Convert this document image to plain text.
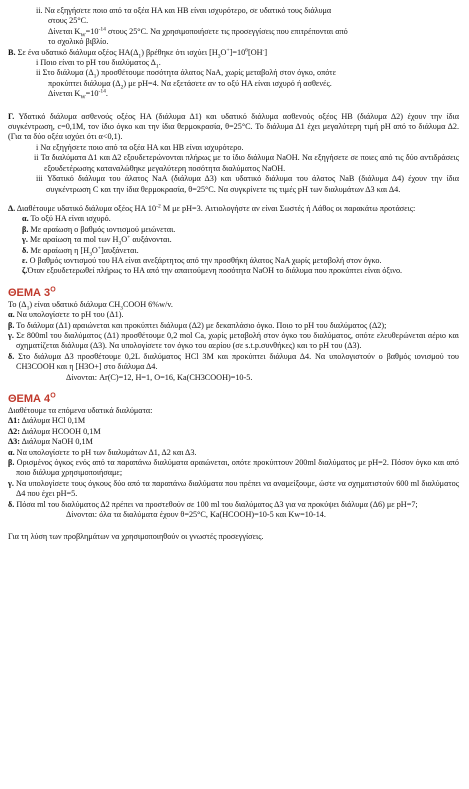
ii. Να εξηγήσετε ποιο από τα οξέα ΗΑ και ΗΒ είναι ισχυρότερο, σε υδατικό τους διάλυμα

στους 25°C.

Δίνεται $K_W=10^{-14}$ στους 25°C. Να χρησιμοποιήσετε τις προσεγγίσεις που επιτρέπονται από

το σχολικό βιβλίο.

Β. Σε ένα υδατικό διάλυμα οξέος $HA(\Delta_1)$ βρέθηκε ότι ισχύει $[H_3O^+]=10^6[OH^-]$

i Ποιο είναι το pH του διαλύματος $\Delta_1$.

ii Στο διάλυμα $(\Delta_1)$ προσθέτουμε ποσότητα άλατος NaA, χωρίς μεταβολή στον όγκο, οπότε

προκύπτει διάλυμα $(\Delta_2)$ με pH=4. Να εξετάσετε αν το οξύ ΗΑ είναι ισχυρό ή ασθενές.

Δίνεται $K_W=10^{-14}$.

Γ. Υδατικό διάλυμα ασθενούς οξέος ΗΑ (διάλυμα Δ1) και υδατικό διάλυμα ασθενούς οξέος ΗΒ (διάλυμα Δ2) έχουν την ίδια συγκέντρωση, c=0,1M, τον ίδιο όγκο και την ίδια θερμοκρασία, θ=25°C. Το διάλυμα Δ1 έχει μεγαλύτερη τιμή pH από το διάλυμα Δ2. (Για τα δύο οξέα ισχύει ότι α<0,1).

i Να εξηγήσετε ποιο από τα οξέα ΗΑ και ΗΒ είναι ισχυρότερο.

ii Τα διαλύματα Δ1 και Δ2 εξουδετερώνονται πλήρως με το ίδιο διάλυμα NaOH. Να εξηγήσετε σε ποιες από τις δύο αντιδράσεις εξουδετέρωσης καταναλώθηκε μεγαλύτερη ποσότητα διαλύματος NaOH.

iii Υδατικό διάλυμα του άλατος NaA (διάλυμα Δ3) και υδατικό διάλυμα του άλατος NaB (διάλυμα Δ4) έχουν την ίδια συγκέντρωση C και την ίδια θερμοκρασία, θ=25°C. Να συγκρίνετε τις τιμές pH των διαλυμάτων Δ3 και Δ4.

Δ. Διαθέτουμε υδατικό διάλυμα οξέος ΗΑ $10^{-2}$ M με pH=3. Αιτιολογήστε αν είναι Σωστές ή Λάθος οι παρακάτω προτάσεις:

α. Το οξύ ΗΑ είναι ισχυρό.

β. Με αραίωση ο βαθμός ιοντισμού μειώνεται.

γ. Με αραίωση τα mol των $H_3O^+$ αυξάνονται.

δ. Με αραίωση η $[H_3O^+]\alpha\upsilon\xi ά\nu\varepsilon\tau\alpha\iota$.

ε. Ο βαθμός ιοντισμού του ΗΑ είναι ανεξάρτητος από την προσθήκη άλατος NaA χωρίς μεταβολή στον όγκο.

ζ.Όταν εξουδετερωθεί πλήρως το ΗΑ από την απαιτούμενη ποσότητα NaOH το διάλυμα που προκύπτει είναι όξινο.

ΘΕΜΑ $3^O$

Το $(\Delta_1)$ είναι υδατικό διάλυμα $CH_3COOH$ 6%w/v.

α. Να υπολογίσετε το pH του (Δ1).

β. Το διάλυμα (Δ1) αραιώνεται και προκύπτει διάλυμα (Δ2) με δεκαπλάσιο όγκο. Ποιο το pH του διαλύματος (Δ2);

γ. Σε 800ml του διαλύματος (Δ1) προσθέτουμε 0,2 mol Ca, χωρίς μεταβολή στον όγκο του διαλύματος, οπότε ελευθερώνεται αέριο και σχηματίζεται διάλυμα (Δ3). Να υπολογίσετε τον όγκο του αερίου (σε s.t.p.συνθήκες) και το pH του (Δ3).

δ. Στο διάλυμα Δ3 προσθέτουμε 0,2L διαλύματος HCl 3M και προκύπτει διάλυμα Δ4. Να υπολογιστούν ο βαθμός ιονισμού του CH3COOH και η [H3O+] στο διάλυμα Δ4.

Δίνονται: Ar(C)=12, H=1, O=16, Ka(CH3COOH)=10-5.

ΘΕΜΑ $4^O$

Διαθέτουμε τα επόμενα υδατικά διαλύματα:

Δ1: Διάλυμα HCl 0,1M

Δ2: Διάλυμα HCOOH 0,1M

Δ3: Διάλυμα NaOH 0,1M

α. Να υπολογίσετε το pH των διαλυμάτων Δ1, Δ2 και Δ3.

β. Ορισμένος όγκος ενός από τα παραπάνω διαλύματα αραιώνεται, οπότε προκύπτουν 200ml διαλύματος με pH=2. Πόσον όγκο και από ποιο διάλυμα χρησιμοποιήσαμε;

γ. Να υπολογίσετε τους όγκους δύο από τα παραπάνω διαλύματα που πρέπει να αναμείξουμε, ώστε να σχηματιστούν 600 ml διαλύματος Δ4 που έχει pH=5.

δ. Πόσα ml του διαλύματος Δ2 πρέπει να προστεθούν σε 100 ml του διαλύματος Δ3 για να προκύψει διάλυμα (Δ6) με pH=7;

Δίνονται: όλα τα διαλύματα έχουν θ=25°C, Ka(HCOOH)=10-5 και Kw=10-14.

Για τη λύση των προβλημάτων να χρησιμοποιηθούν οι γνωστές προσεγγίσεις.
